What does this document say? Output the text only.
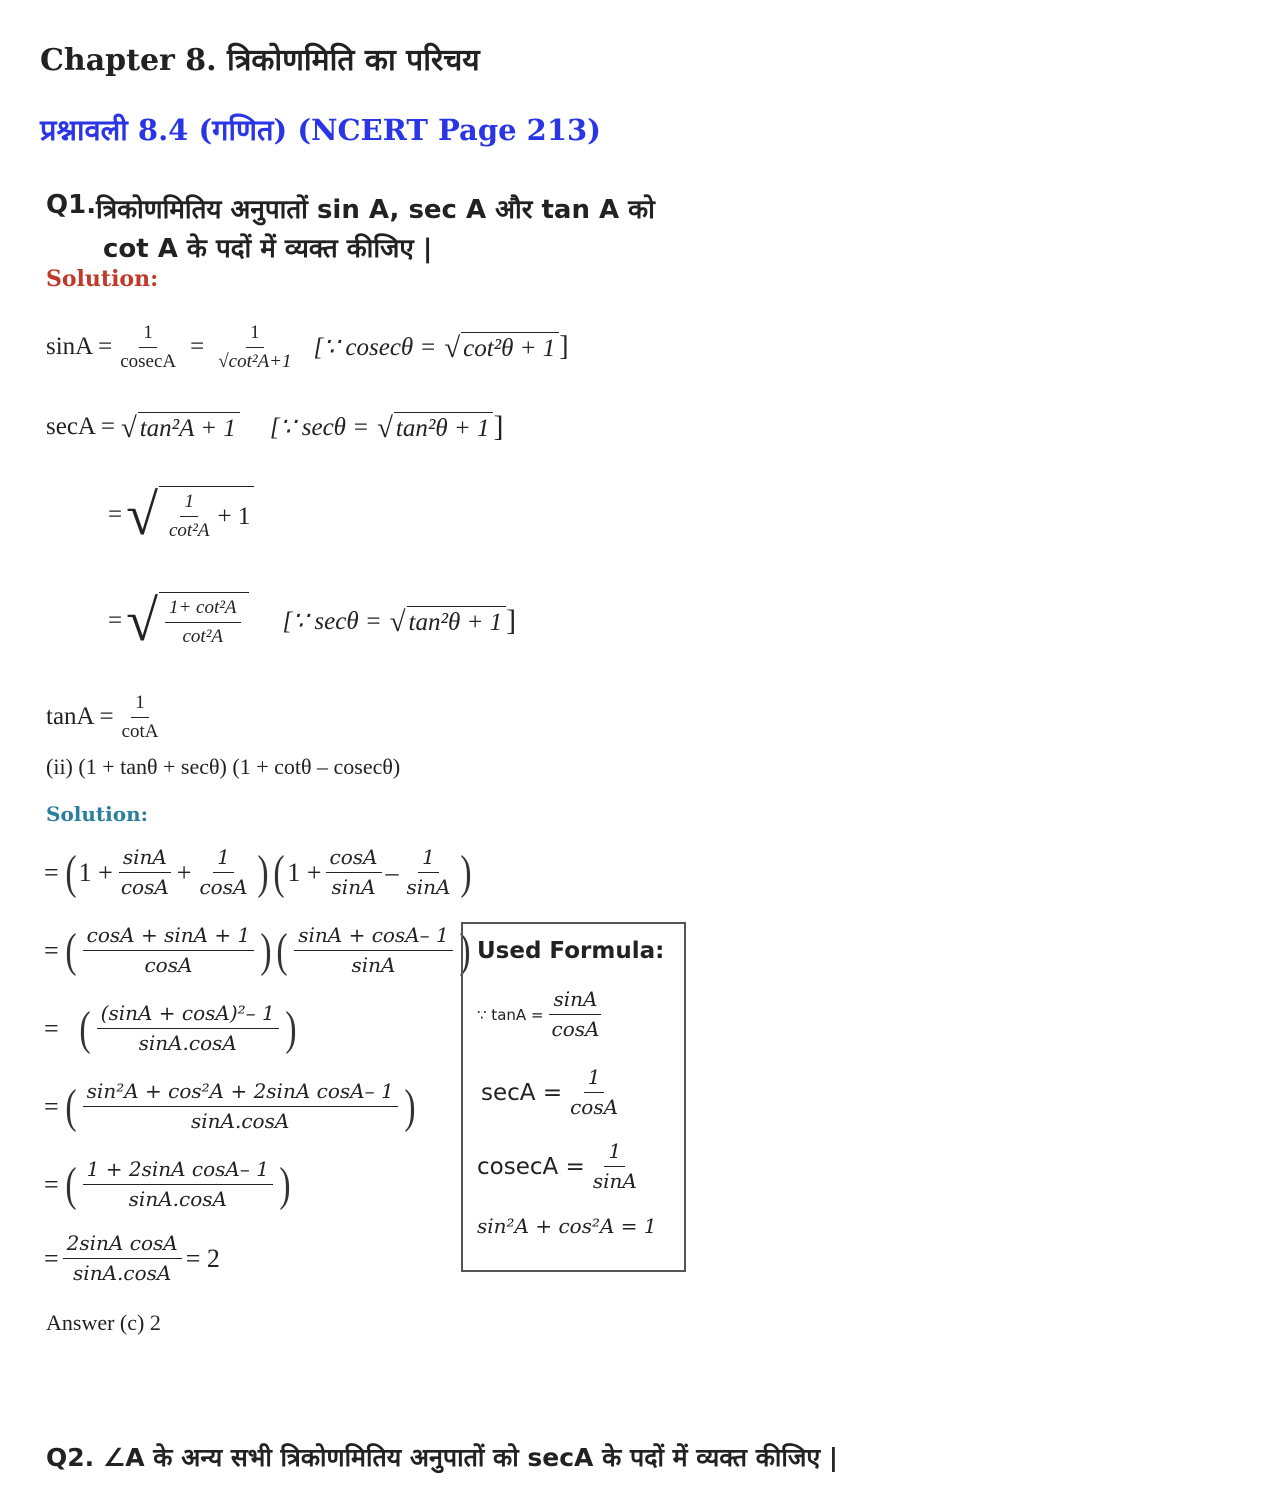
Chapter 8. त्रिकोणमिति का परिचय
प्रश्नावली 8.4 (गणित) (NCERT Page 213)
Q1. त्रिकोणमितिय अनुपातों sin A, sec A और tan A को
cot A के पदों में व्यक्त कीजिए |
Solution:
$\sin A = \frac{1}{cosecA} = \frac{1}{\text{√cot²A+1}}$ [∵ cosecθ = √ cot²θ + 1 ]
secA = √ tan²A + 1 [∵ secθ = √ tan²θ + 1 ]
= √ $\frac{1}{\text{cot²A}} + 1$
= √ $\frac{\text{1+ cot²A}}{\text{cot²A}}$ [∵ secθ = √ tan²θ + 1 ]
$\tan A = \frac{1}{\cot A}$
(ii) (1 + tanθ + secθ) (1 + cotθ – cosecθ)
Solution:
= ( $1 + \frac{\sin A}{\cos A} + \frac{1}{\cos A}$ ) ( $1 + \frac{\cos A}{\sin A} - \frac{1}{\sin A}$ )
= ( $\frac{\cos A + \sin A + 1}{\cos A}$ ) ( $\frac{\sin A + \cos A- 1}{\sin A}$ )
= ( $\frac{\text{(sinA + cosA)²– 1}}{\sin A.\cos A}$ )
= ( $\frac{\text{sin²A + cos²A + 2sinA cosA– 1}}{\sin A.\cos A}$ )
= ( $\frac{\text{1 + 2sinA cosA– 1}}{\sin A.\cos A}$ )
= $\frac{\text{2sinA cosA}}{\sin A.\cos A} = 2$
Answer (c) 2
Used Formula:
∵ $\tan A = \frac{\sin A}{\cos A}$
$\sec A = \frac{1}{\cos A}$
$cosecA = \frac{1}{\sin A}$
sin²A + cos²A = 1
Q2. ∠A के अन्य सभी त्रिकोणमितिय अनुपातों को secA के पदों में व्यक्त कीजिए |
